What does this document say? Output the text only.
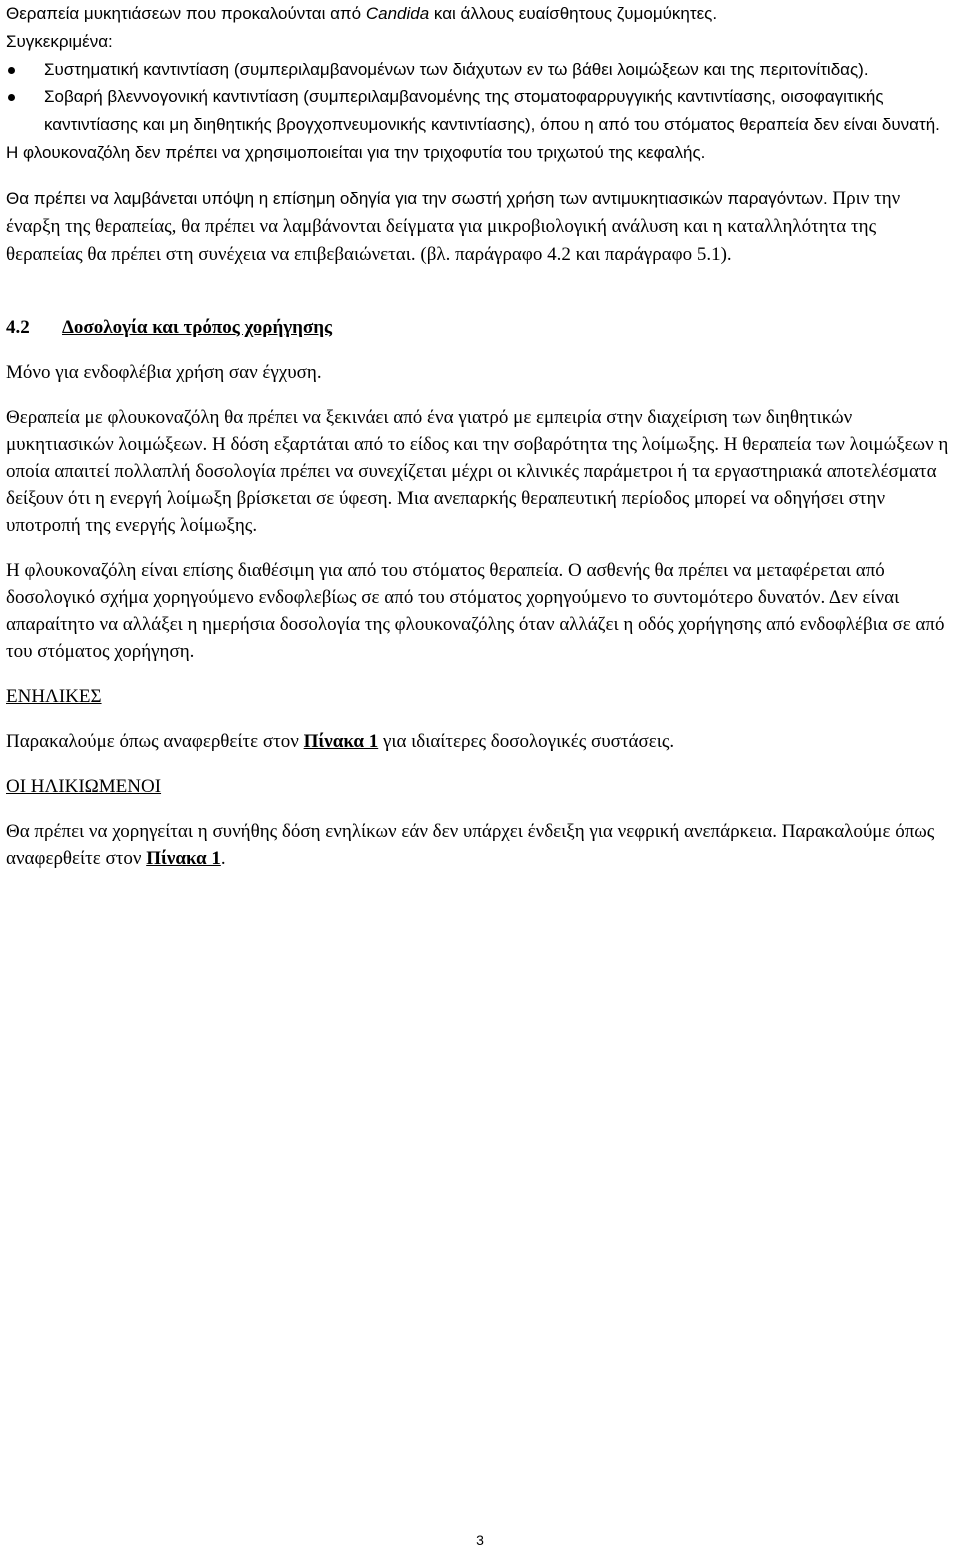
Θεραπεία μυκητιάσεων που προκαλούνται από Candida και άλλους ευαίσθητους ζυμομύκητες.

Συγκεκριμένα:

Συστηματική καντιντίαση (συμπεριλαμβανομένων των διάχυτων εν τω βάθει λοιμώξεων και της περιτονίτιδας).
Σοβαρή βλεννογονική καντιντίαση (συμπεριλαμβανομένης της στοματοφαρρυγγικής καντιντίασης, οισοφαγιτικής καντιντίασης και μη διηθητικής βρογχοπνευμονικής καντιντίασης), όπου η από του στόματος θεραπεία δεν είναι δυνατή.

Η φλουκοναζόλη δεν πρέπει να χρησιμοποιείται για την τριχοφυτία του τριχωτού της κεφαλής.

Θα πρέπει να λαμβάνεται υπόψη η επίσημη οδηγία για την σωστή χρήση των αντιμυκητιασικών παραγόντων. Πριν την έναρξη της θεραπείας, θα πρέπει να λαμβάνονται δείγματα για μικροβιολογική ανάλυση και η καταλληλότητα της θεραπείας θα πρέπει στη συνέχεια να επιβεβαιώνεται. (βλ. παράγραφο 4.2 και παράγραφο 5.1).

4.2 Δοσολογία και τρόπος χορήγησης

Μόνο για ενδοφλέβια χρήση σαν έγχυση.

Θεραπεία με φλουκοναζόλη θα πρέπει να ξεκινάει από ένα γιατρό με εμπειρία στην διαχείριση των διηθητικών μυκητιασικών λοιμώξεων. Η δόση εξαρτάται από το είδος και την σοβαρότητα της λοίμωξης. Η θεραπεία των λοιμώξεων η οποία απαιτεί πολλαπλή δοσολογία πρέπει να συνεχίζεται μέχρι οι κλινικές παράμετροι ή τα εργαστηριακά αποτελέσματα δείξουν ότι η ενεργή λοίμωξη βρίσκεται σε ύφεση. Μια ανεπαρκής θεραπευτική περίοδος μπορεί να οδηγήσει στην υποτροπή της ενεργής λοίμωξης.

Η φλουκοναζόλη είναι επίσης διαθέσιμη για από του στόματος θεραπεία. Ο ασθενής θα πρέπει να μεταφέρεται από δοσολογικό σχήμα χορηγούμενο ενδοφλεβίως σε από του στόματος χορηγούμενο το συντομότερο δυνατόν. Δεν είναι απαραίτητο να αλλάξει η ημερήσια δοσολογία της φλουκοναζόλης όταν αλλάζει η οδός χορήγησης από ενδοφλέβια σε από του στόματος χορήγηση.

ΕΝΗΛΙΚΕΣ

Παρακαλούμε όπως αναφερθείτε στον Πίνακα 1 για ιδιαίτερες δοσολογικές συστάσεις.

ΟΙ ΗΛΙΚΙΩΜΕΝΟΙ

Θα πρέπει να χορηγείται η συνήθης δόση ενηλίκων εάν δεν υπάρχει ένδειξη για νεφρική ανεπάρκεια. Παρακαλούμε όπως αναφερθείτε στον Πίνακα 1.

3
